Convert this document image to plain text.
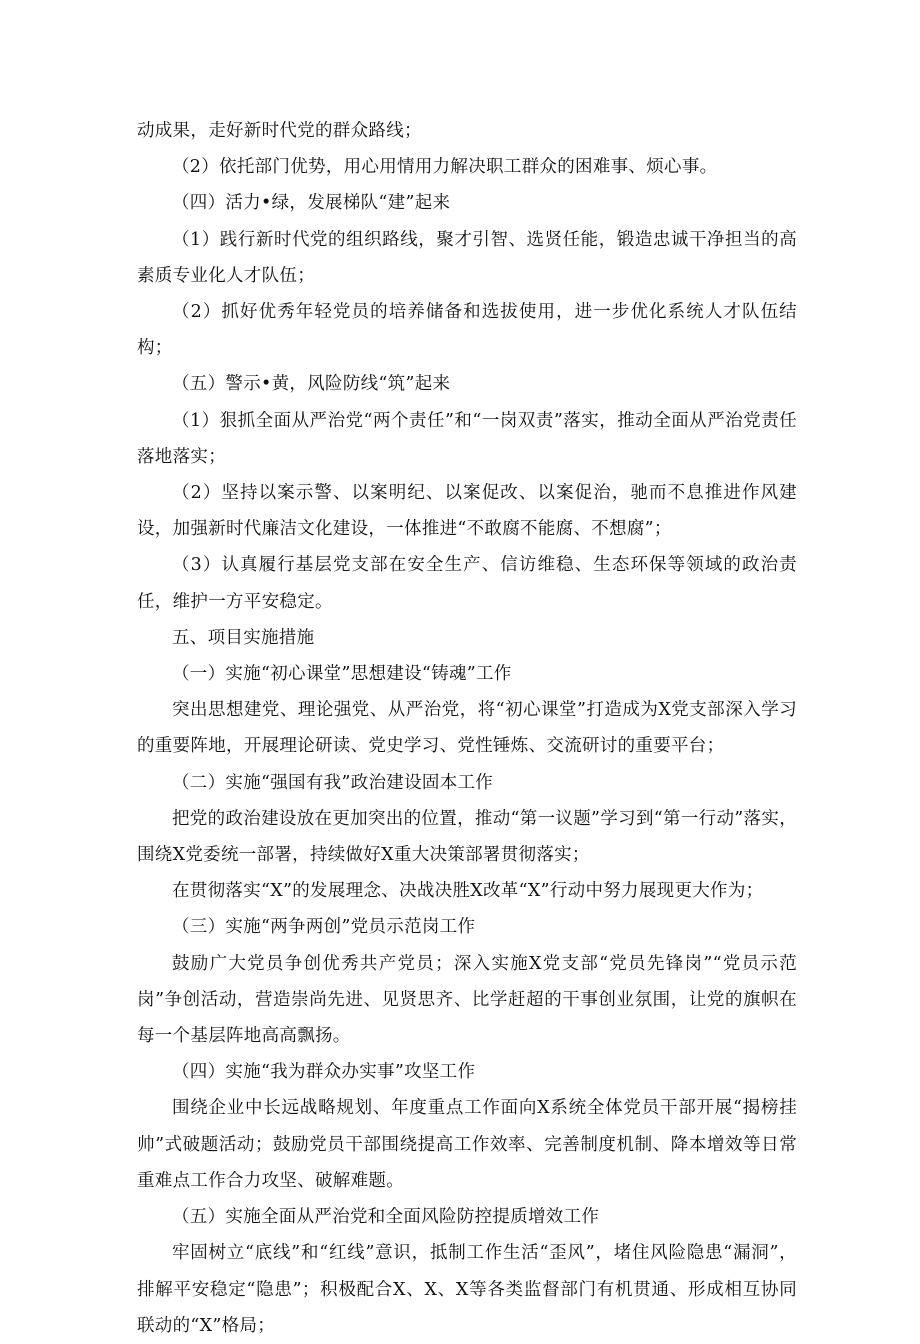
动成果，走好新时代党的群众路线；

（2）依托部门优势，用心用情用力解决职工群众的困难事、烦心事。

（四）活力•绿，发展梯队“建”起来

（1）践行新时代党的组织路线，聚才引智、选贤任能，锻造忠诚干净担当的高素质专业化人才队伍；

（2）抓好优秀年轻党员的培养储备和选拔使用，进一步优化系统人才队伍结构；

（五）警示•黄，风险防线“筑”起来

（1）狠抓全面从严治党“两个责任”和“一岗双责”落实，推动全面从严治党责任落地落实；

（2）坚持以案示警、以案明纪、以案促改、以案促治，驰而不息推进作风建设，加强新时代廉洁文化建设，一体推进“不敢腐不能腐、不想腐”；

（3）认真履行基层党支部在安全生产、信访维稳、生态环保等领域的政治责任，维护一方平安稳定。

五、项目实施措施

（一）实施“初心课堂”思想建设“铸魂”工作

突出思想建党、理论强党、从严治党，将“初心课堂”打造成为X党支部深入学习的重要阵地，开展理论研读、党史学习、党性锤炼、交流研讨的重要平台；

（二）实施“强国有我”政治建设固本工作

把党的政治建设放在更加突出的位置，推动“第一议题”学习到“第一行动”落实，围绕X党委统一部署，持续做好X重大决策部署贯彻落实；

在贯彻落实“X”的发展理念、决战决胜X改革“X”行动中努力展现更大作为；

（三）实施“两争两创”党员示范岗工作

鼓励广大党员争创优秀共产党员；深入实施X党支部“党员先锋岗”“党员示范岗”争创活动，营造崇尚先进、见贤思齐、比学赶超的干事创业氛围，让党的旗帜在每一个基层阵地高高飘扬。

（四）实施“我为群众办实事”攻坚工作

围绕企业中长远战略规划、年度重点工作面向X系统全体党员干部开展“揭榜挂帅”式破题活动；鼓励党员干部围绕提高工作效率、完善制度机制、降本增效等日常重难点工作合力攻坚、破解难题。

（五）实施全面从严治党和全面风险防控提质增效工作

牢固树立“底线”和“红线”意识，抵制工作生活“歪风”，堵住风险隐患“漏洞”，排解平安稳定“隐患”；积极配合X、X、X等各类监督部门有机贯通、形成相互协同联动的“X”格局；
